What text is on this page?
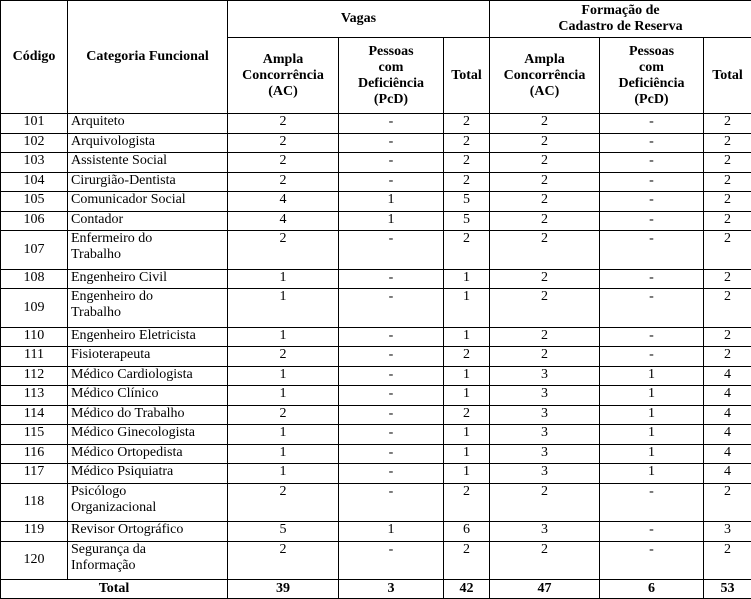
Código	Categoria Funcional	Vagas			Formação de
Cadastro de Reserva		
		Ampla
Concorrência
(AC)	Pessoas
com
Deficiência
(PcD)	Total	Ampla
Concorrência
(AC)	Pessoas
com
Deficiência
(PcD)	Total
101	Arquiteto	2	-	2	2	-	2
102	Arquivologista	2	-	2	2	-	2
103	Assistente Social	2	-	2	2	-	2
104	Cirurgião-Dentista	2	-	2	2	-	2
105	Comunicador Social	4	1	5	2	-	2
106	Contador	4	1	5	2	-	2
107	Enfermeiro do
Trabalho	2	-	2	2	-	2
108	Engenheiro Civil	1	-	1	2	-	2
109	Engenheiro do
Trabalho	1	-	1	2	-	2
110	Engenheiro Eletricista	1	-	1	2	-	2
111	Fisioterapeuta	2	-	2	2	-	2
112	Médico Cardiologista	1	-	1	3	1	4
113	Médico Clínico	1	-	1	3	1	4
114	Médico do Trabalho	2	-	2	3	1	4
115	Médico Ginecologista	1	-	1	3	1	4
116	Médico Ortopedista	1	-	1	3	1	4
117	Médico Psiquiatra	1	-	1	3	1	4
118	Psicólogo
Organizacional	2	-	2	2	-	2
119	Revisor Ortográfico	5	1	6	3	-	3
120	Segurança da
Informação	2	-	2	2	-	2
Total		39	3	42	47	6	53
